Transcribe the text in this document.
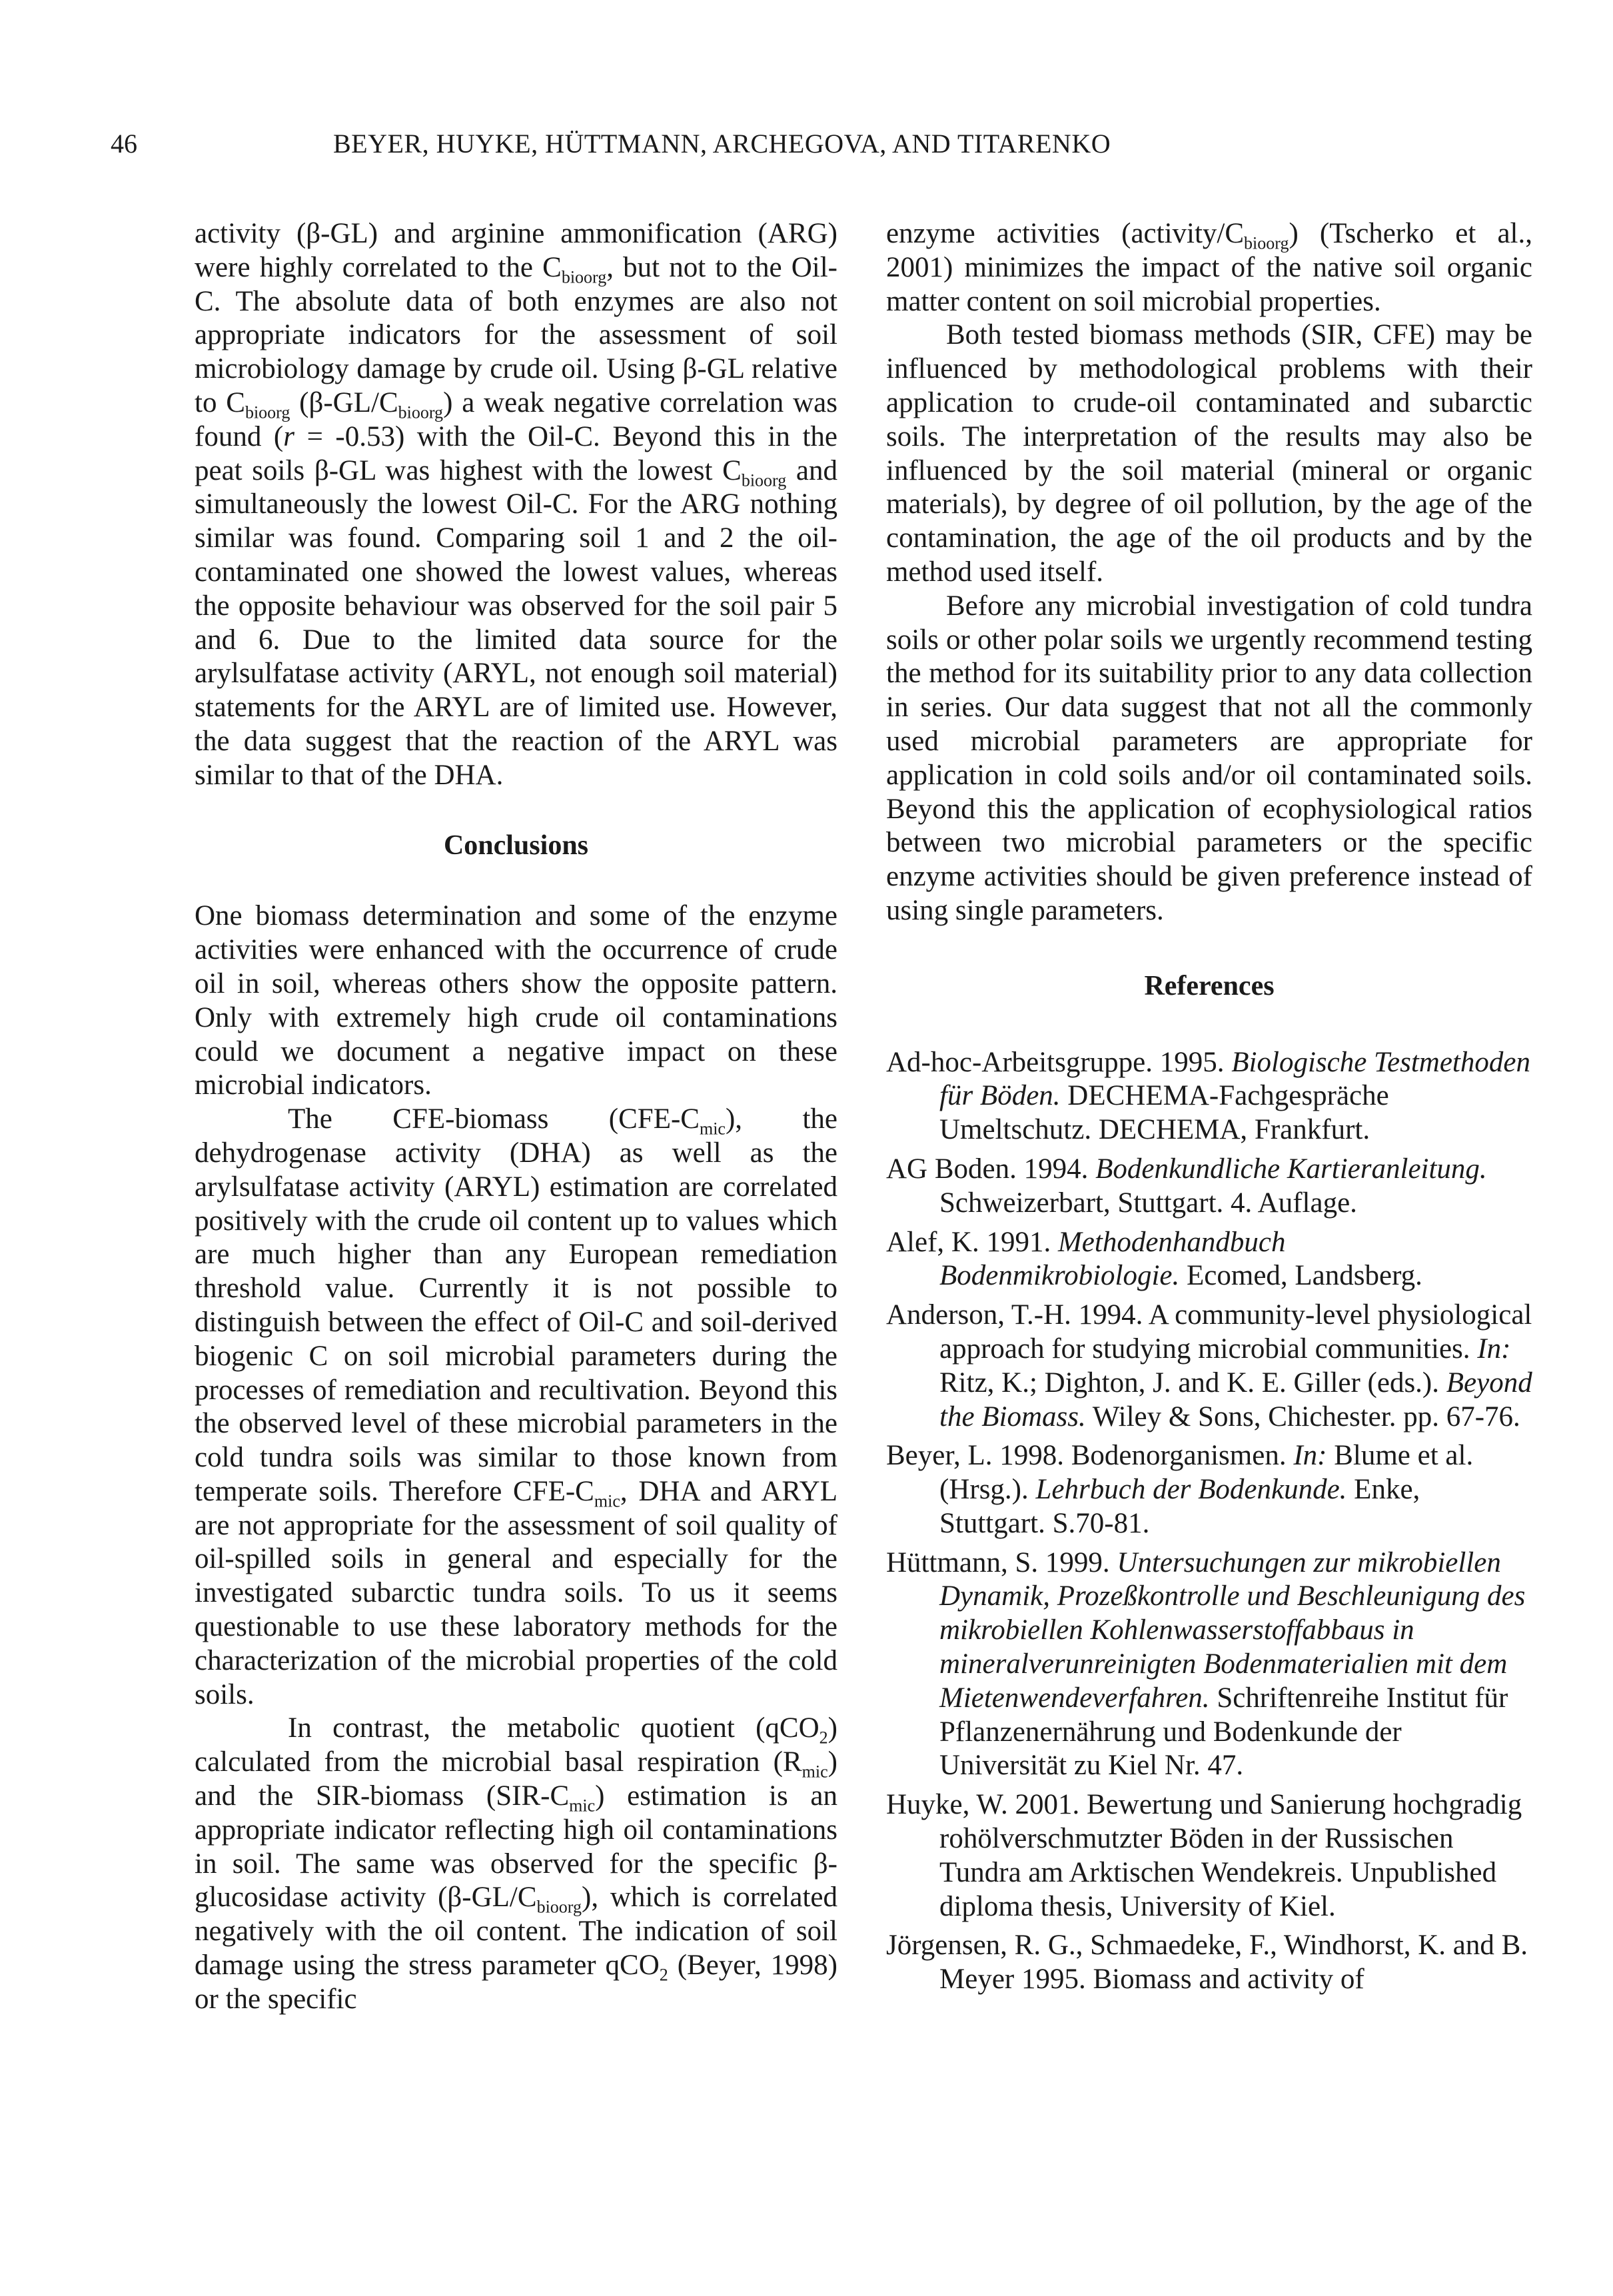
46	BEYER, HUYKE, HÜTTMANN, ARCHEGOVA, AND TITARENKO

activity (β-GL) and arginine ammonification (ARG) were highly correlated to the $C_{bioorg}$, but not to the Oil-C. The absolute data of both enzymes are also not appropriate indicators for the assessment of soil microbiology damage by crude oil. Using β-GL relative to $C_{bioorg}$ $(\beta-GL/C_{bioorg})$ a weak negative correlation was found (r = -0.53) with the Oil-C. Beyond this in the peat soils β-GL was highest with the lowest $C_{bioorg}$ and simultaneously the lowest Oil-C. For the ARG nothing similar was found. Comparing soil 1 and 2 the oil-contaminated one showed the lowest values, whereas the opposite behaviour was observed for the soil pair 5 and 6. Due to the limited data source for the arylsulfatase activity (ARYL, not enough soil material) statements for the ARYL are of limited use. However, the data suggest that the reaction of the ARYL was similar to that of the DHA.

Conclusions

One biomass determination and some of the enzyme activities were enhanced with the occurrence of crude oil in soil, whereas others show the opposite pattern. Only with extremely high crude oil contaminations could we document a negative impact on these microbial indicators.

The CFE-biomass $(CFE-C_{mic})$, the dehydrogenase activity (DHA) as well as the arylsulfatase activity (ARYL) estimation are correlated positively with the crude oil content up to values which are much higher than any European remediation threshold value. Currently it is not possible to distinguish between the effect of Oil-C and soil-derived biogenic C on soil microbial parameters during the processes of remediation and recultivation. Beyond this the observed level of these microbial parameters in the cold tundra soils was similar to those known from temperate soils. Therefore CFE-$C_{mic}$, DHA and ARYL are not appropriate for the assessment of soil quality of oil-spilled soils in general and especially for the investigated subarctic tundra soils. To us it seems questionable to use these laboratory methods for the characterization of the microbial properties of the cold soils.

In contrast, the metabolic quotient (qCO$_2$) calculated from the microbial basal respiration $(R_{mic})$ and the SIR-biomass $(SIR-C_{mic})$ estimation is an appropriate indicator reflecting high oil contaminations in soil. The same was observed for the specific β-glucosidase activity $(\beta-GL/C_{bioorg})$, which is correlated negatively with the oil content. The indication of soil damage using the stress parameter qCO$_2$ (Beyer, 1998) or the specific

enzyme activities $(activity/C_{bioorg})$ (Tscherko et al., 2001) minimizes the impact of the native soil organic matter content on soil microbial properties.

Both tested biomass methods (SIR, CFE) may be influenced by methodological problems with their application to crude-oil contaminated and subarctic soils. The interpretation of the results may also be influenced by the soil material (mineral or organic materials), by degree of oil pollution, by the age of the contamination, the age of the oil products and by the method used itself.

Before any microbial investigation of cold tundra soils or other polar soils we urgently recommend testing the method for its suitability prior to any data collection in series. Our data suggest that not all the commonly used microbial parameters are appropriate for application in cold soils and/or oil contaminated soils. Beyond this the application of ecophysiological ratios between two microbial parameters or the specific enzyme activities should be given preference instead of using single parameters.

References

Ad-hoc-Arbeitsgruppe. 1995. Biologische Testmethoden für Böden. DECHEMA-Fachgespräche Umeltschutz. DECHEMA, Frankfurt.

AG Boden. 1994. Bodenkundliche Kartieranleitung. Schweizerbart, Stuttgart. 4. Auflage.

Alef, K. 1991. Methodenhandbuch Bodenmikrobiologie. Ecomed, Landsberg.

Anderson, T.-H. 1994. A community-level physiological approach for studying microbial communities. In: Ritz, K.; Dighton, J. and K. E. Giller (eds.). Beyond the Biomass. Wiley & Sons, Chichester. pp. 67-76.

Beyer, L. 1998. Bodenorganismen. In: Blume et al. (Hrsg.). Lehrbuch der Bodenkunde. Enke, Stuttgart. S.70-81.

Hüttmann, S. 1999. Untersuchungen zur mikrobiellen Dynamik, Prozeßkontrolle und Beschleunigung des mikrobiellen Kohlenwasserstoffabbaus in mineralverunreinigten Bodenmaterialien mit dem Mietenwendeverfahren. Schriftenreihe Institut für Pflanzenernährung und Bodenkunde der Universität zu Kiel Nr. 47.

Huyke, W. 2001. Bewertung und Sanierung hochgradig rohölverschmutzter Böden in der Russischen Tundra am Arktischen Wendekreis. Unpublished diploma thesis, University of Kiel.

Jörgensen, R. G., Schmaedeke, F., Windhorst, K. and B. Meyer 1995. Biomass and activity of
